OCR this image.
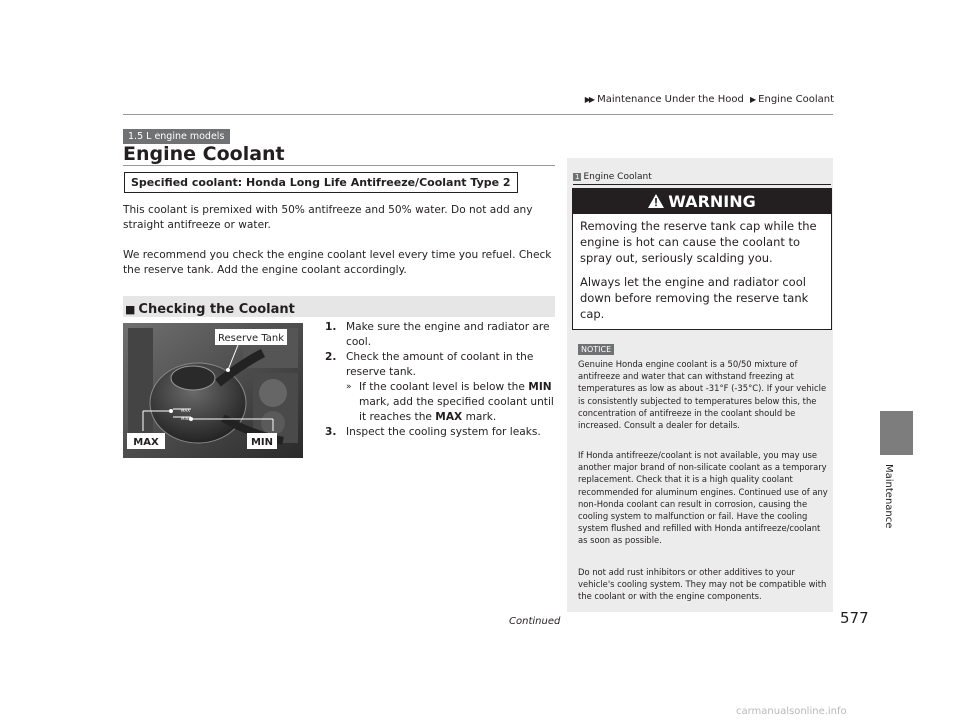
▶▶ Maintenance Under the Hood ▶ Engine Coolant
Maintenance
1.5 L engine models
Engine Coolant
Specified coolant: Honda Long Life Antifreeze/Coolant Type 2
This coolant is premixed with 50% antifreeze and 50% water. Do not add any straight antifreeze or water.
We recommend you check the engine coolant level every time you refuel. Check the reserve tank. Add the engine coolant accordingly.
■ Checking the Coolant
MAX
MIN
Reserve Tank
MAX	MIN
1. Make sure the engine and radiator are cool.
2. Check the amount of coolant in the reserve tank.
» If the coolant level is below the MIN mark, add the specified coolant until it reaches the MAX mark.
3. Inspect the cooling system for leaks.
1 Engine Coolant
WARNING
Removing the reserve tank cap while the engine is hot can cause the coolant to spray out, seriously scalding you.
Always let the engine and radiator cool down before removing the reserve tank cap.
NOTICE
Genuine Honda engine coolant is a 50/50 mixture of antifreeze and water that can withstand freezing at temperatures as low as about -31°F (-35°C). If your vehicle is consistently subjected to temperatures below this, the concentration of antifreeze in the coolant should be increased. Consult a dealer for details.
If Honda antifreeze/coolant is not available, you may use another major brand of non-silicate coolant as a temporary replacement. Check that it is a high quality coolant recommended for aluminum engines. Continued use of any non-Honda coolant can result in corrosion, causing the cooling system to malfunction or fail. Have the cooling system flushed and refilled with Honda antifreeze/coolant as soon as possible.
Do not add rust inhibitors or other additives to your vehicle's cooling system. They may not be compatible with the coolant or with the engine components.
Continued	577
carmanualsonline.info
